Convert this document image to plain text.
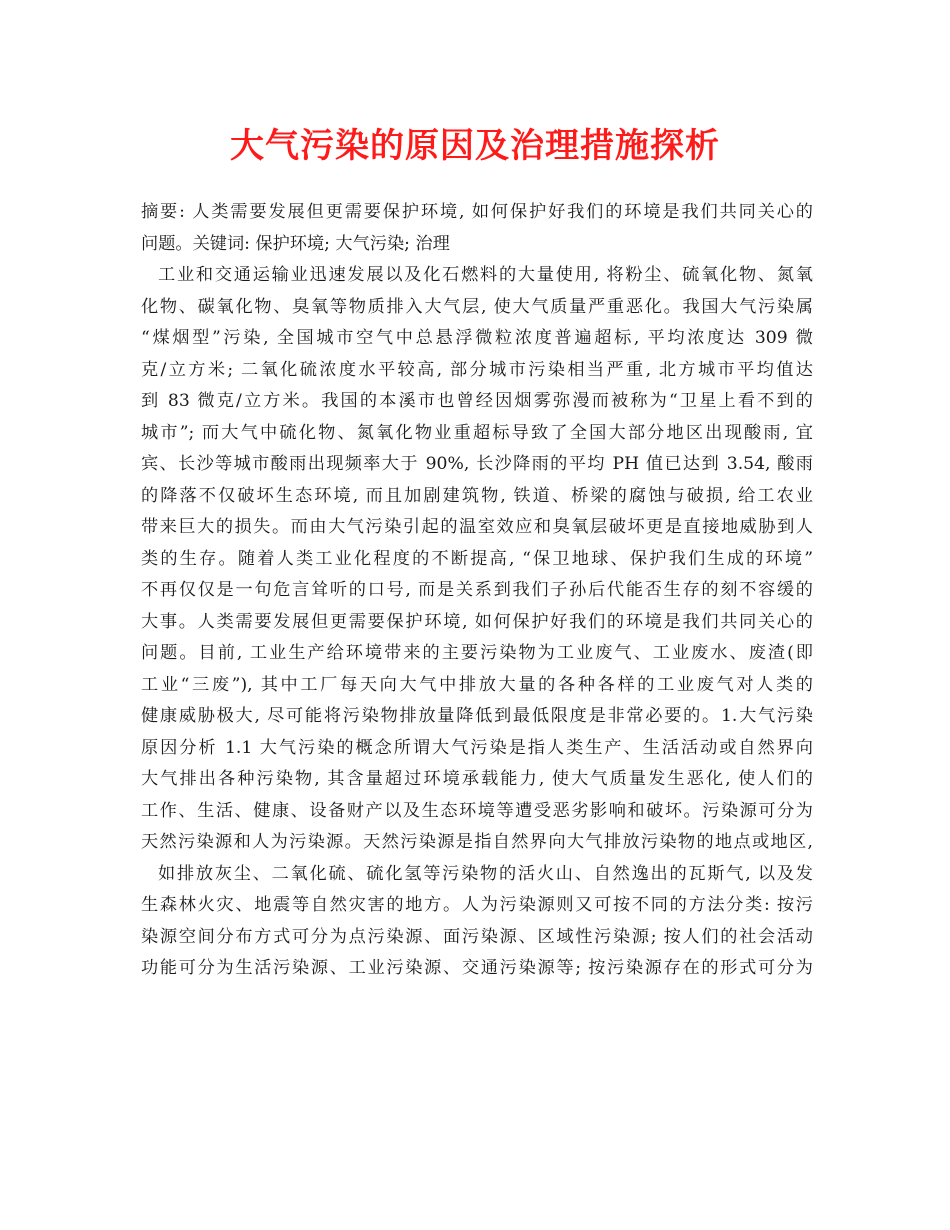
大气污染的原因及治理措施探析
摘要: 人类需要发展但更需要保护环境, 如何保护好我们的环境是我们共同关心的
问题。关键词: 保护环境; 大气污染; 治理
工业和交通运输业迅速发展以及化石燃料的大量使用, 将粉尘、硫氧化物、氮氧
化物、碳氧化物、臭氧等物质排入大气层, 使大气质量严重恶化。我国大气污染属
“煤烟型”污染, 全国城市空气中总悬浮微粒浓度普遍超标, 平均浓度达 309 微
克/立方米; 二氧化硫浓度水平较高, 部分城市污染相当严重, 北方城市平均值达
到 83 微克/立方米。我国的本溪市也曾经因烟雾弥漫而被称为“卫星上看不到的
城市”; 而大气中硫化物、氮氧化物业重超标导致了全国大部分地区出现酸雨, 宜
宾、长沙等城市酸雨出现频率大于 90%, 长沙降雨的平均 PH 值已达到 3.54, 酸雨
的降落不仅破坏生态环境, 而且加剧建筑物, 铁道、桥梁的腐蚀与破损, 给工农业
带来巨大的损失。而由大气污染引起的温室效应和臭氧层破坏更是直接地威胁到人
类的生存。随着人类工业化程度的不断提高, “保卫地球、保护我们生成的环境”
不再仅仅是一句危言耸听的口号, 而是关系到我们子孙后代能否生存的刻不容缓的
大事。人类需要发展但更需要保护环境, 如何保护好我们的环境是我们共同关心的
问题。目前, 工业生产给环境带来的主要污染物为工业废气、工业废水、废渣(即
工业“三废”), 其中工厂每天向大气中排放大量的各种各样的工业废气对人类的
健康威胁极大, 尽可能将污染物排放量降低到最低限度是非常必要的。1.大气污染
原因分析 1.1 大气污染的概念所谓大气污染是指人类生产、生活活动或自然界向
大气排出各种污染物, 其含量超过环境承载能力, 使大气质量发生恶化, 使人们的
工作、生活、健康、设备财产以及生态环境等遭受恶劣影响和破坏。污染源可分为
天然污染源和人为污染源。天然污染源是指自然界向大气排放污染物的地点或地区,
如排放灰尘、二氧化硫、硫化氢等污染物的活火山、自然逸出的瓦斯气, 以及发
生森林火灾、地震等自然灾害的地方。人为污染源则又可按不同的方法分类: 按污
染源空间分布方式可分为点污染源、面污染源、区域性污染源; 按人们的社会活动
功能可分为生活污染源、工业污染源、交通污染源等; 按污染源存在的形式可分为
